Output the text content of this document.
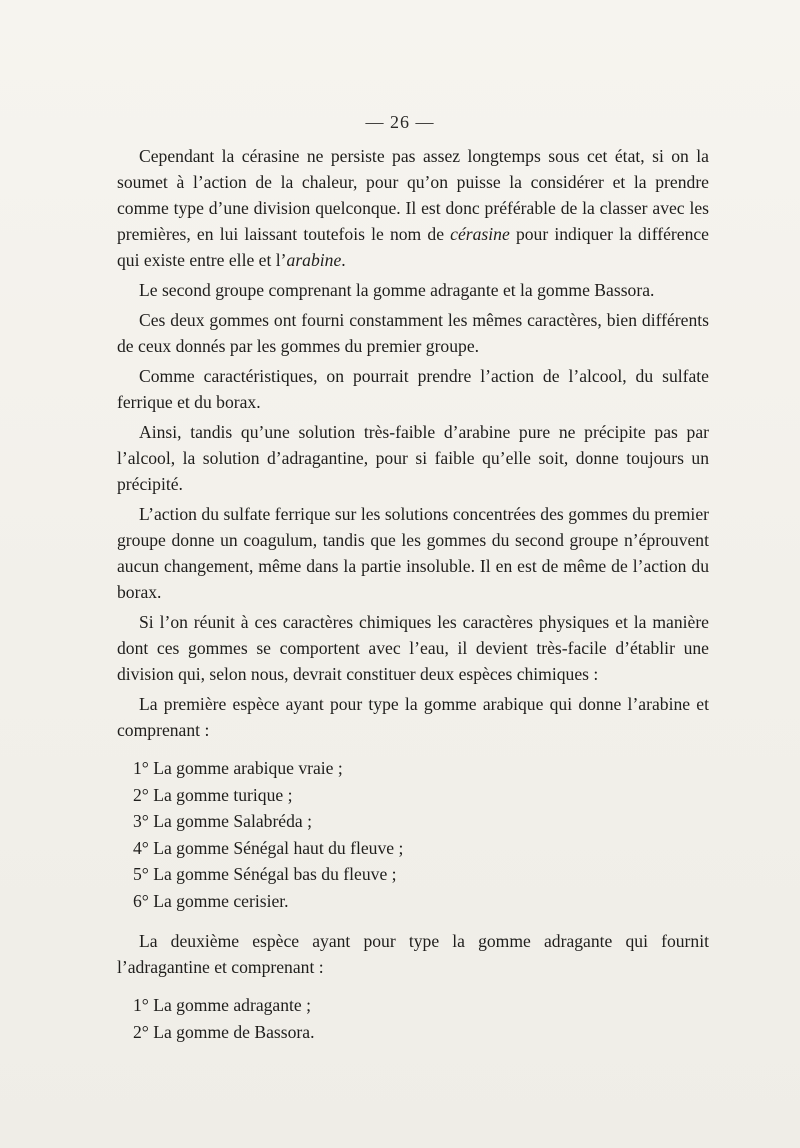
— 26 —

Cependant la cérasine ne persiste pas assez longtemps sous cet état, si on la soumet à l’action de la chaleur, pour qu’on puisse la considérer et la prendre comme type d’une division quelconque. Il est donc préférable de la classer avec les premières, en lui laissant toutefois le nom de cérasine pour indiquer la différence qui existe entre elle et l’arabine.

Le second groupe comprenant la gomme adragante et la gomme Bassora.

Ces deux gommes ont fourni constamment les mêmes caractères, bien différents de ceux donnés par les gommes du premier groupe.

Comme caractéristiques, on pourrait prendre l’action de l’alcool, du sulfate ferrique et du borax.

Ainsi, tandis qu’une solution très-faible d’arabine pure ne précipite pas par l’alcool, la solution d’adragantine, pour si faible qu’elle soit, donne toujours un précipité.

L’action du sulfate ferrique sur les solutions concentrées des gommes du premier groupe donne un coagulum, tandis que les gommes du second groupe n’éprouvent aucun changement, même dans la partie insoluble. Il en est de même de l’action du borax.

Si l’on réunit à ces caractères chimiques les caractères physiques et la manière dont ces gommes se comportent avec l’eau, il devient très-facile d’établir une division qui, selon nous, devrait constituer deux espèces chimiques :

La première espèce ayant pour type la gomme arabique qui donne l’arabine et comprenant :

1° La gomme arabique vraie ;
2° La gomme turique ;
3° La gomme Salabréda ;
4° La gomme Sénégal haut du fleuve ;
5° La gomme Sénégal bas du fleuve ;
6° La gomme cerisier.

La deuxième espèce ayant pour type la gomme adragante qui fournit l’adragantine et comprenant :

1° La gomme adragante ;
2° La gomme de Bassora.
